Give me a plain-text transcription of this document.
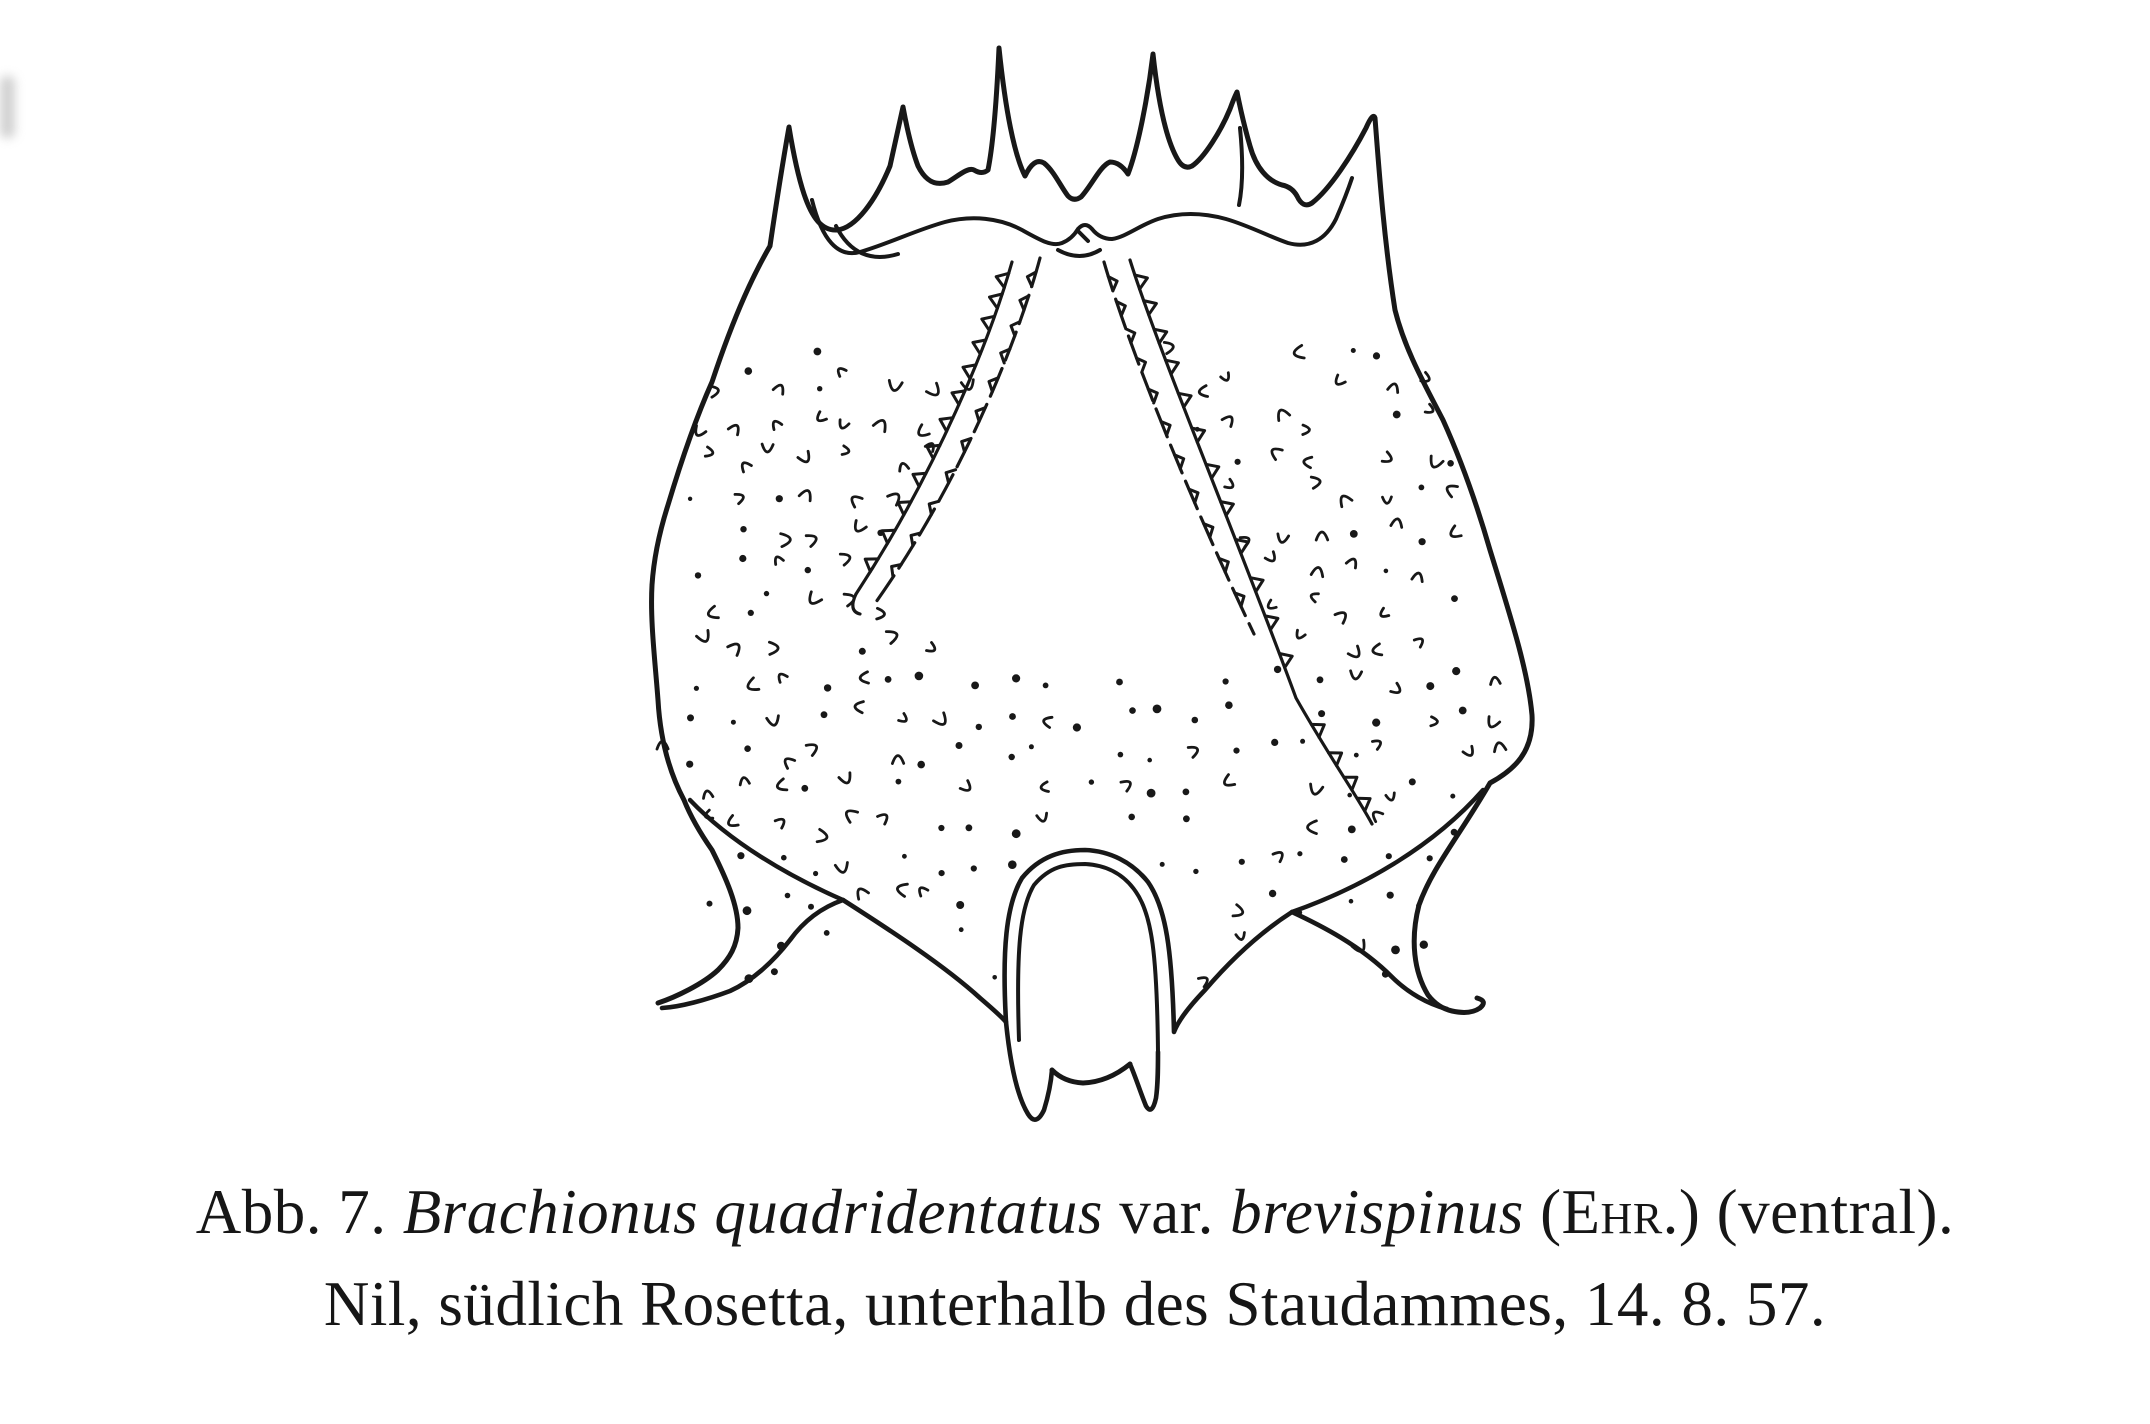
Abb. 7. Brachionus quadridentatus var. brevispinus (Ehr.) (ventral).

Nil, südlich Rosetta, unterhalb des Staudammes, 14. 8. 57.
